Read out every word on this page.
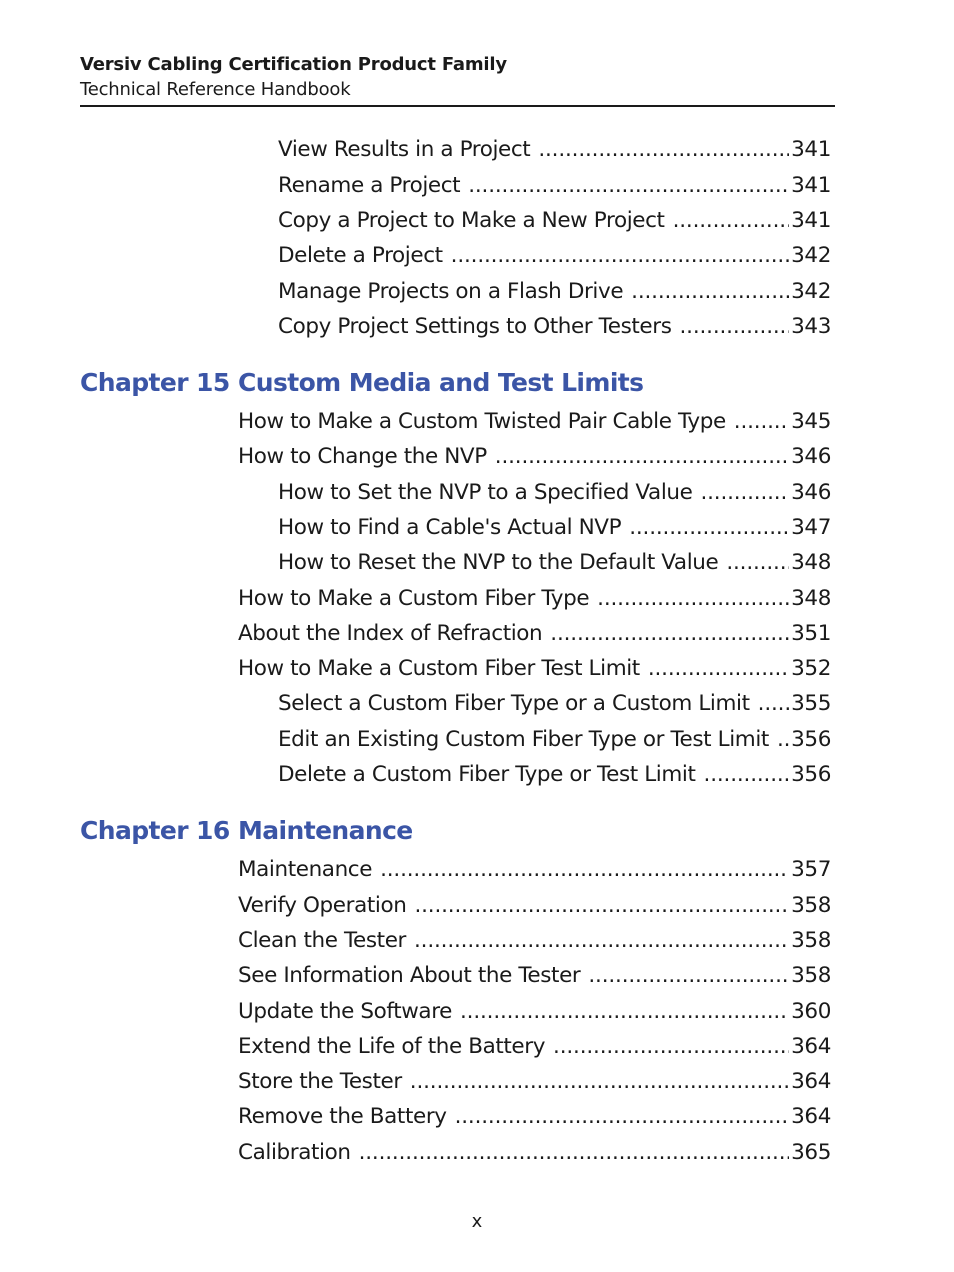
Versiv Cabling Certification Product Family
Technical Reference Handbook
View Results in a Project . . .	341
Rename a Project . . .	341
Copy a Project to Make a New Project . . .	341
Delete a Project . . .	342
Manage Projects on a Flash Drive . . .	342
Copy Project Settings to Other Testers . . .	343
Chapter 15 Custom Media and Test Limits
How to Make a Custom Twisted Pair Cable Type . . .	345
How to Change the NVP . . .	346
How to Set the NVP to a Specified Value . . .	346
How to Find a Cable's Actual NVP . . .	347
How to Reset the NVP to the Default Value . . .	348
How to Make a Custom Fiber Type . . .	348
About the Index of Refraction . . .	351
How to Make a Custom Fiber Test Limit . . .	352
Select a Custom Fiber Type or a Custom Limit . . .	355
Edit an Existing Custom Fiber Type or Test Limit . . .	356
Delete a Custom Fiber Type or Test Limit . . .	356
Chapter 16 Maintenance
Maintenance . . .	357
Verify Operation . . .	358
Clean the Tester . . .	358
See Information About the Tester . . .	358
Update the Software . . .	360
Extend the Life of the Battery . . .	364
Store the Tester . . .	364
Remove the Battery . . .	364
Calibration . . .	365
x
